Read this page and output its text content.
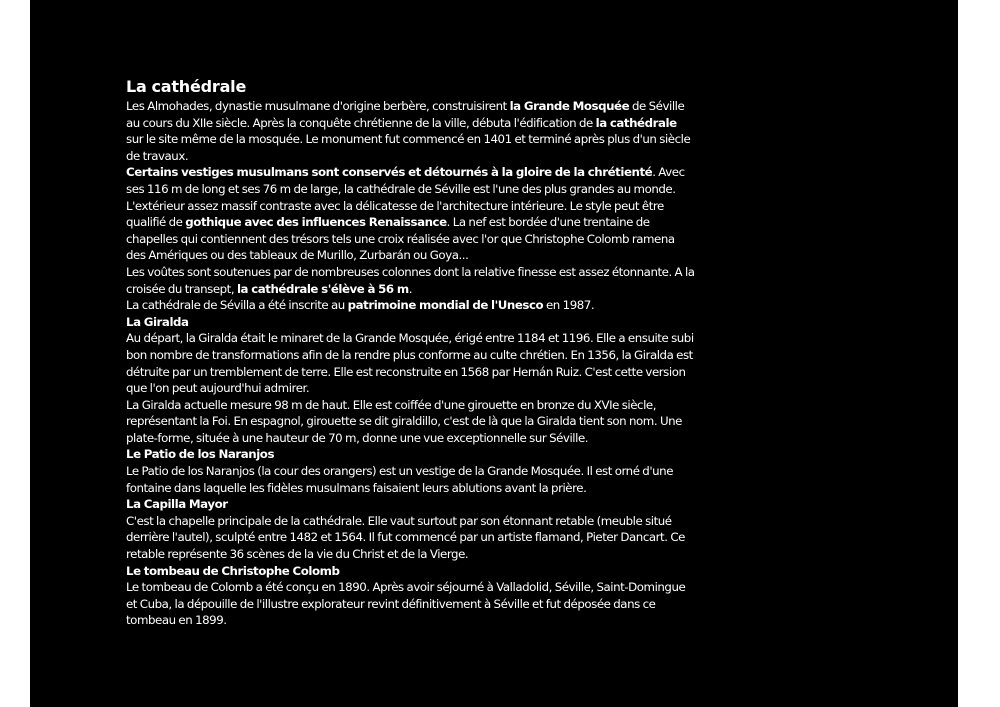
La cathédrale

Les Almohades, dynastie musulmane d'origine berbère, construisirent la Grande Mosquée de Séville au cours du XIIe siècle. Après la conquête chrétienne de la ville, débuta l'édification de la cathédrale sur le site même de la mosquée. Le monument fut commencé en 1401 et terminé après plus d'un siècle de travaux.

Certains vestiges musulmans sont conservés et détournés à la gloire de la chrétienté. Avec ses 116 m de long et ses 76 m de large, la cathédrale de Séville est l'une des plus grandes au monde.

L'extérieur assez massif contraste avec la délicatesse de l'architecture intérieure. Le style peut être qualifié de gothique avec des influences Renaissance. La nef est bordée d'une trentaine de chapelles qui contiennent des trésors tels une croix réalisée avec l'or que Christophe Colomb ramena des Amériques ou des tableaux de Murillo, Zurbarán ou Goya...

Les voûtes sont soutenues par de nombreuses colonnes dont la relative finesse est assez étonnante. A la croisée du transept, la cathédrale s'élève à 56 m.

La cathédrale de Sévilla a été inscrite au patrimoine mondial de l'Unesco en 1987.

La Giralda

Au départ, la Giralda était le minaret de la Grande Mosquée, érigé entre 1184 et 1196. Elle a ensuite subi bon nombre de transformations afin de la rendre plus conforme au culte chrétien. En 1356, la Giralda est détruite par un tremblement de terre. Elle est reconstruite en 1568 par Hernán Ruiz. C'est cette version que l'on peut aujourd'hui admirer.

La Giralda actuelle mesure 98 m de haut. Elle est coiffée d'une girouette en bronze du XVIe siècle, représentant la Foi. En espagnol, girouette se dit giraldillo, c'est de là que la Giralda tient son nom. Une plate-forme, située à une hauteur de 70 m, donne une vue exceptionnelle sur Séville.

Le Patio de los Naranjos

Le Patio de los Naranjos (la cour des orangers) est un vestige de la Grande Mosquée. Il est orné d'une fontaine dans laquelle les fidèles musulmans faisaient leurs ablutions avant la prière.

La Capilla Mayor

C'est la chapelle principale de la cathédrale. Elle vaut surtout par son étonnant retable (meuble situé derrière l'autel), sculpté entre 1482 et 1564. Il fut commencé par un artiste flamand, Pieter Dancart. Ce retable représente 36 scènes de la vie du Christ et de la Vierge.

Le tombeau de Christophe Colomb

Le tombeau de Colomb a été conçu en 1890. Après avoir séjourné à Valladolid, Séville, Saint-Domingue et Cuba, la dépouille de l'illustre explorateur revint définitivement à Séville et fut déposée dans ce tombeau en 1899.
